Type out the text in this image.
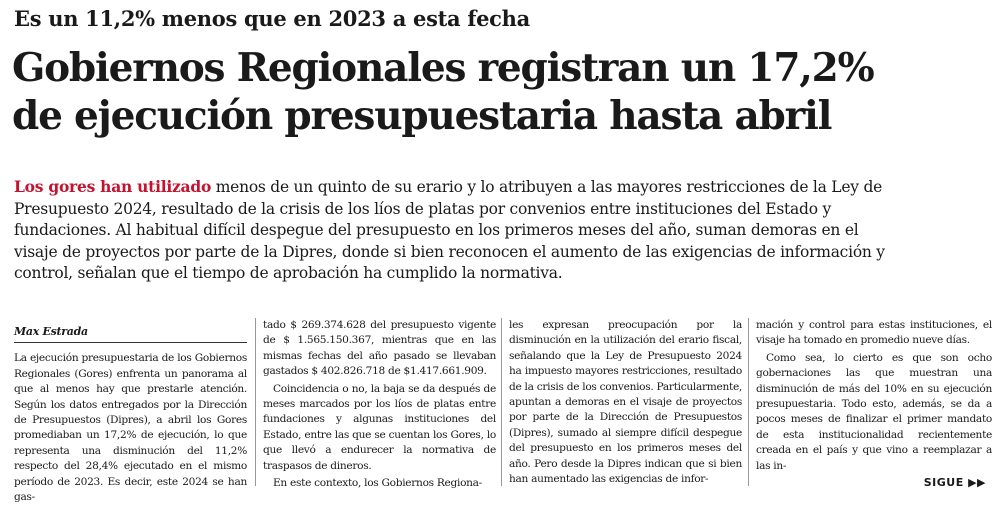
Es un 11,2% menos que en 2023 a esta fecha
Gobiernos Regionales registran un 17,2%
de ejecución presupuestaria hasta abril
Los gores han utilizado menos de un quinto de su erario y lo atribuyen a las mayores restricciones de la Ley de Presupuesto 2024, resultado de la crisis de los líos de platas por convenios entre instituciones del Estado y fundaciones. Al habitual difícil despegue del presupuesto en los primeros meses del año, suman demoras en el visaje de proyectos por parte de la Dipres, donde si bien reconocen el aumento de las exigencias de información y control, señalan que el tiempo de aprobación ha cumplido la normativa.
Max Estrada

La ejecución presupuestaria de los Gobiernos Regionales (Gores) enfrenta un panorama al que al menos hay que prestarle atención. Según los datos entregados por la Dirección de Presupuestos (Dipres), a abril los Gores promediaban un 17,2% de ejecución, lo que representa una disminución del 11,2% respecto del 28,4% ejecutado en el mismo período de 2023. Es decir, este 2024 se han gas-

tado $ 269.374.628 del presupuesto vigente de $ 1.565.150.367, mientras que en las mismas fechas del año pasado se llevaban gastados $ 402.826.718 de $1.417.661.909.

Coincidencia o no, la baja se da después de meses marcados por los líos de platas entre fundaciones y algunas instituciones del Estado, entre las que se cuentan los Gores, lo que llevó a endurecer la normativa de traspasos de dineros.

En este contexto, los Gobiernos Regiona-

les expresan preocupación por la disminución en la utilización del erario fiscal, señalando que la Ley de Presupuesto 2024 ha impuesto mayores restricciones, resultado de la crisis de los convenios. Particularmente, apuntan a demoras en el visaje de proyectos por parte de la Dirección de Presupuestos (Dipres), sumado al siempre difícil despegue del presupuesto en los primeros meses del año. Pero desde la Dipres indican que si bien han aumentado las exigencias de infor-

mación y control para estas instituciones, el visaje ha tomado en promedio nueve días.

Como sea, lo cierto es que son ocho gobernaciones las que muestran una disminución de más del 10% en su ejecución presupuestaria. Todo esto, además, se da a pocos meses de finalizar el primer mandato de esta institucionalidad recientemente creada en el país y que vino a reemplazar a las in-

SIGUE ▶▶
